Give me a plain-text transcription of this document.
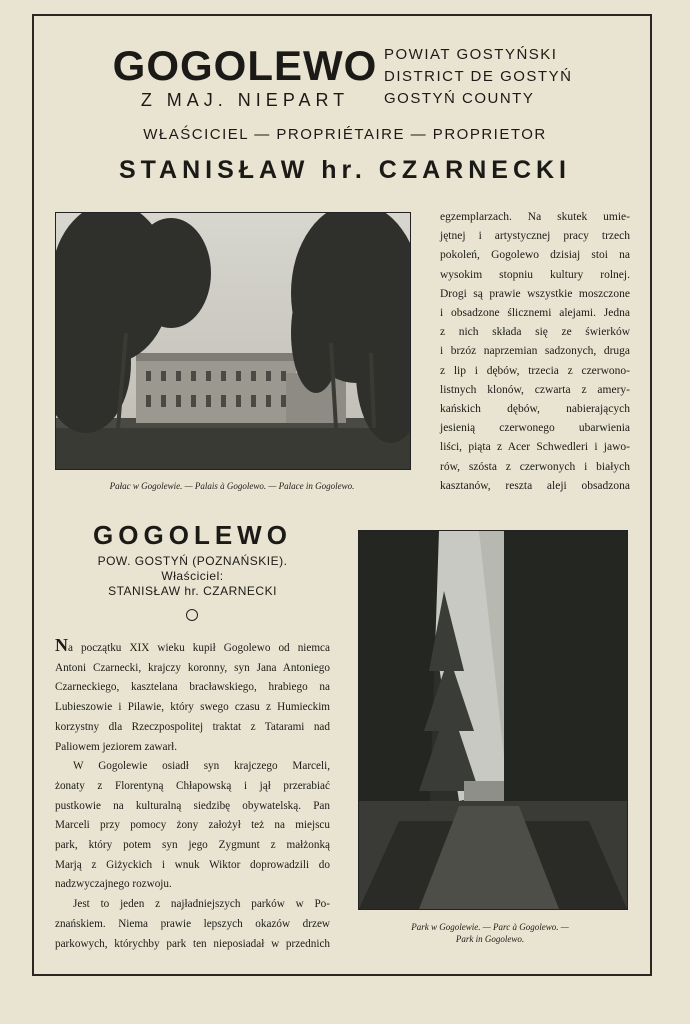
GOGOLEWO
Z MAJ. NIEPART
POWIAT GOSTYŃSKI
DISTRICT DE GOSTYŃ
GOSTYŃ COUNTY
WŁAŚCICIEL — PROPRIÉTAIRE — PROPRIETOR
STANISŁAW hr. CZARNECKI
Pałac w Gogolewie. — Palais à Gogolewo. — Palace in Gogolewo.
egzemplarzach. Na skutek umie-
jętnej i artystycznej pracy trzech
pokoleń, Gogolewo dzisiaj stoi na
wysokim stopniu kultury rolnej.
Drogi są prawie wszystkie moszczone
i obsadzone ślicznemi alejami. Jedna
z nich składa się ze świerków
i brzóz naprzemian sadzonych, druga
z lip i dębów, trzecia z czerwono-
listnych klonów, czwarta z amery-
kańskich dębów, nabierających
jesienią czerwonego ubarwienia
liści, piąta z Acer Schwedleri i jawo-
rów, szósta z czerwonych i białych
kasztanów, reszta aleji obsadzona
GOGOLEWO
POW. GOSTYŃ (POZNAŃSKIE).
Właściciel:
STANISŁAW hr. CZARNECKI
Na początku XIX wieku kupił Gogolewo od niemca
Antoni Czarnecki, krajczy koronny, syn Jana Antoniego
Czarneckiego, kasztelana bracławskiego, hrabiego na
Lubieszowie i Pilawie, który swego czasu z Humieckim
korzystny dla Rzeczpospolitej traktat z Tatarami nad
Paliowem jeziorem zawarł.
W Gogolewie osiadł syn krajczego Marceli,
żonaty z Florentyną Chłapowską i jął przerabiać
pustkowie na kulturalną siedzibę obywatelską. Pan
Marceli przy pomocy żony założył też na miejscu
park, który potem syn jego Zygmunt z małżonką
Marją z Giżyckich i wnuk Wiktor doprowadzili do
nadzwyczajnego rozwoju.
Jest to jeden z najładniejszych parków w Po-
znańskiem. Niema prawie lepszych okazów drzew
parkowych, którychby park ten nieposiadał w przednich
Park w Gogolewie. — Parc à Gogolewo. —
Park in Gogolewo.
